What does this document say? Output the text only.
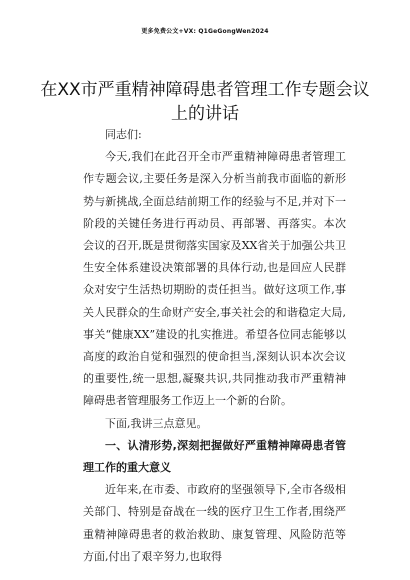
更多免费公文+VX: Q1GeGongWen2024
在XX市严重精神障碍患者管理工作专题会议
上的讲话

同志们:

今天,我们在此召开全市严重精神障碍患者管理工作专题会议,主要任务是深入分析当前我市面临的新形势与新挑战,全面总结前期工作的经验与不足,并对下一阶段的关键任务进行再动员、再部署、再落实。本次会议的召开,既是贯彻落实国家及XX省关于加强公共卫生安全体系建设决策部署的具体行动,也是回应人民群众对安宁生活热切期盼的责任担当。做好这项工作,事关人民群众的生命财产安全,事关社会的和谐稳定大局,事关“健康XX”建设的扎实推进。希望各位同志能够以高度的政治自觉和强烈的使命担当,深刻认识本次会议的重要性,统一思想,凝聚共识,共同推动我市严重精神障碍患者管理服务工作迈上一个新的台阶。

下面,我讲三点意见。

一、认清形势,深刻把握做好严重精神障碍患者管理工作的重大意义

近年来,在市委、市政府的坚强领导下,全市各级相关部门、特别是奋战在一线的医疗卫生工作者,围绕严重精神障碍患者的救治救助、康复管理、风险防范等方面,付出了艰辛努力,也取得
